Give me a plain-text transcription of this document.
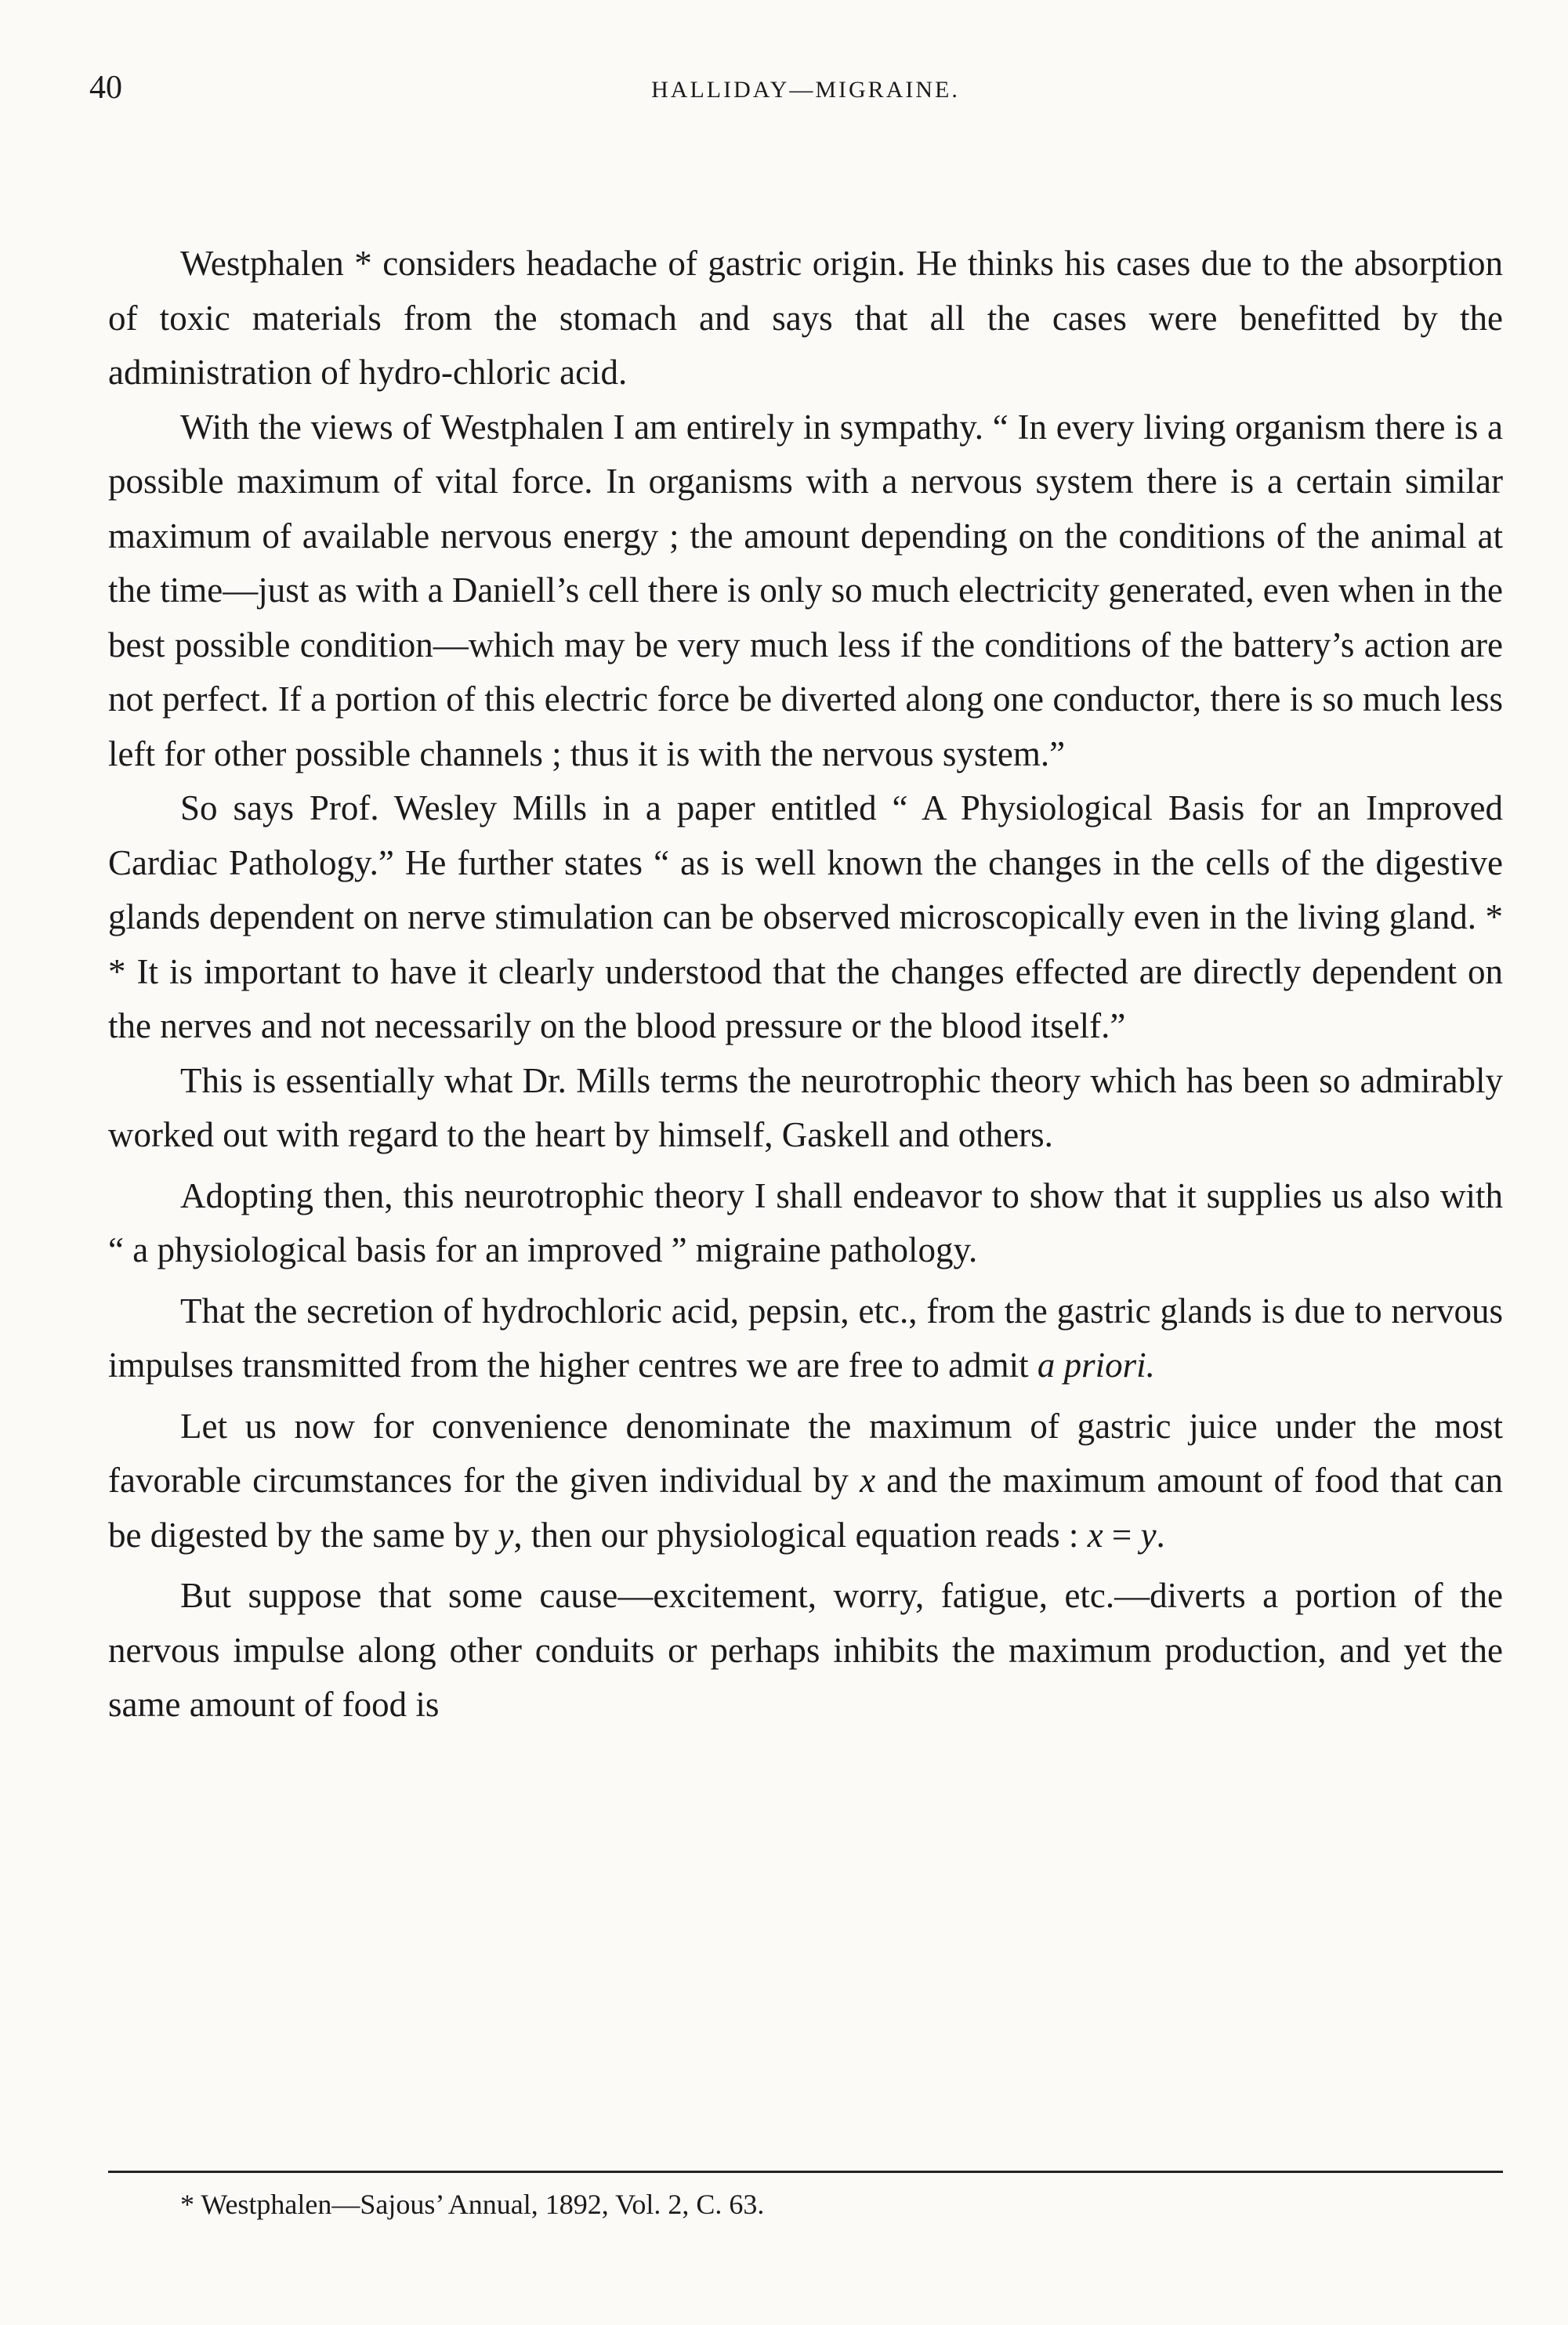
40	HALLIDAY—MIGRAINE.

Westphalen * considers headache of gastric origin. He thinks his cases due to the absorption of toxic materials from the stomach and says that all the cases were benefitted by the administration of hydro-chloric acid.

With the views of Westphalen I am entirely in sympathy. “ In every living organism there is a possible maximum of vital force. In organisms with a nervous system there is a certain similar maximum of available nervous energy ; the amount depending on the conditions of the animal at the time—just as with a Daniell’s cell there is only so much electricity generated, even when in the best possible condition—which may be very much less if the conditions of the battery’s action are not perfect. If a portion of this electric force be diverted along one conductor, there is so much less left for other possible channels ; thus it is with the nervous system.”

So says Prof. Wesley Mills in a paper entitled “ A Physiological Basis for an Improved Cardiac Pathology.” He further states “ as is well known the changes in the cells of the digestive glands dependent on nerve stimulation can be observed microscopically even in the living gland. * * It is important to have it clearly understood that the changes effected are directly dependent on the nerves and not necessarily on the blood pressure or the blood itself.”

This is essentially what Dr. Mills terms the neurotrophic theory which has been so admirably worked out with regard to the heart by himself, Gaskell and others.

Adopting then, this neurotrophic theory I shall endeavor to show that it supplies us also with “ a physiological basis for an improved ” migraine pathology.

That the secretion of hydrochloric acid, pepsin, etc., from the gastric glands is due to nervous impulses transmitted from the higher centres we are free to admit a priori.

Let us now for convenience denominate the maximum of gastric juice under the most favorable circumstances for the given individual by x and the maximum amount of food that can be digested by the same by y, then our physiological equation reads : x = y.

But suppose that some cause—excitement, worry, fatigue, etc.—diverts a portion of the nervous impulse along other conduits or perhaps inhibits the maximum production, and yet the same amount of food is

* Westphalen—Sajous’ Annual, 1892, Vol. 2, C. 63.
